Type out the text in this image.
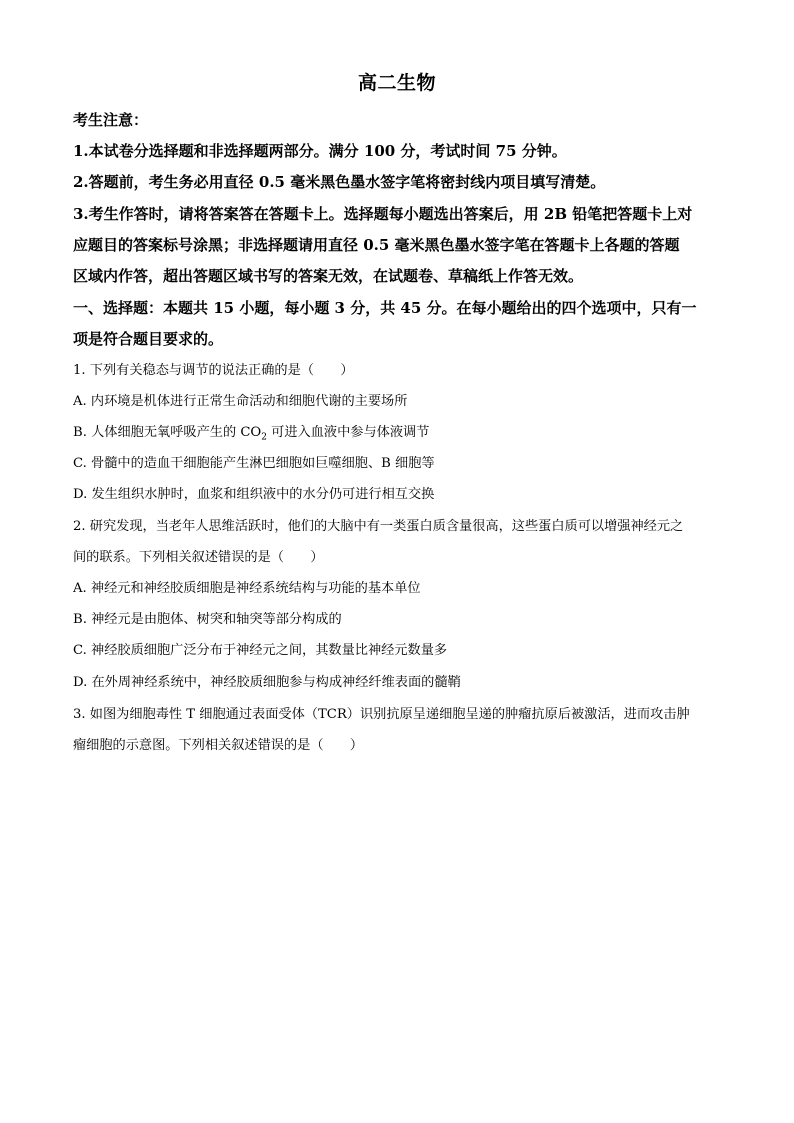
高二生物
考生注意：
1.本试卷分选择题和非选择题两部分。满分 100 分，考试时间 75 分钟。
2.答题前，考生务必用直径 0.5 毫米黑色墨水签字笔将密封线内项目填写清楚。
3.考生作答时，请将答案答在答题卡上。选择题每小题选出答案后，用 2B 铅笔把答题卡上对
应题目的答案标号涂黑；非选择题请用直径 0.5 毫米黑色墨水签字笔在答题卡上各题的答题
区域内作答，超出答题区域书写的答案无效，在试题卷、草稿纸上作答无效。
一、选择题：本题共 15 小题，每小题 3 分，共 45 分。在每小题给出的四个选项中，只有一
项是符合题目要求的。
1. 下列有关稳态与调节的说法正确的是（　　）
A. 内环境是机体进行正常生命活动和细胞代谢的主要场所
B. 人体细胞无氧呼吸产生的 $CO_2$ 可进入血液中参与体液调节
C. 骨髓中的造血干细胞能产生淋巴细胞如巨噬细胞、B 细胞等
D. 发生组织水肿时，血浆和组织液中的水分仍可进行相互交换
2. 研究发现，当老年人思维活跃时，他们的大脑中有一类蛋白质含量很高，这些蛋白质可以增强神经元之
间的联系。下列相关叙述错误的是（　　）
A. 神经元和神经胶质细胞是神经系统结构与功能的基本单位
B. 神经元是由胞体、树突和轴突等部分构成的
C. 神经胶质细胞广泛分布于神经元之间，其数量比神经元数量多
D. 在外周神经系统中，神经胶质细胞参与构成神经纤维表面的髓鞘
3. 如图为细胞毒性 T 细胞通过表面受体（TCR）识别抗原呈递细胞呈递的肿瘤抗原后被激活，进而攻击肿
瘤细胞的示意图。下列相关叙述错误的是（　　）
